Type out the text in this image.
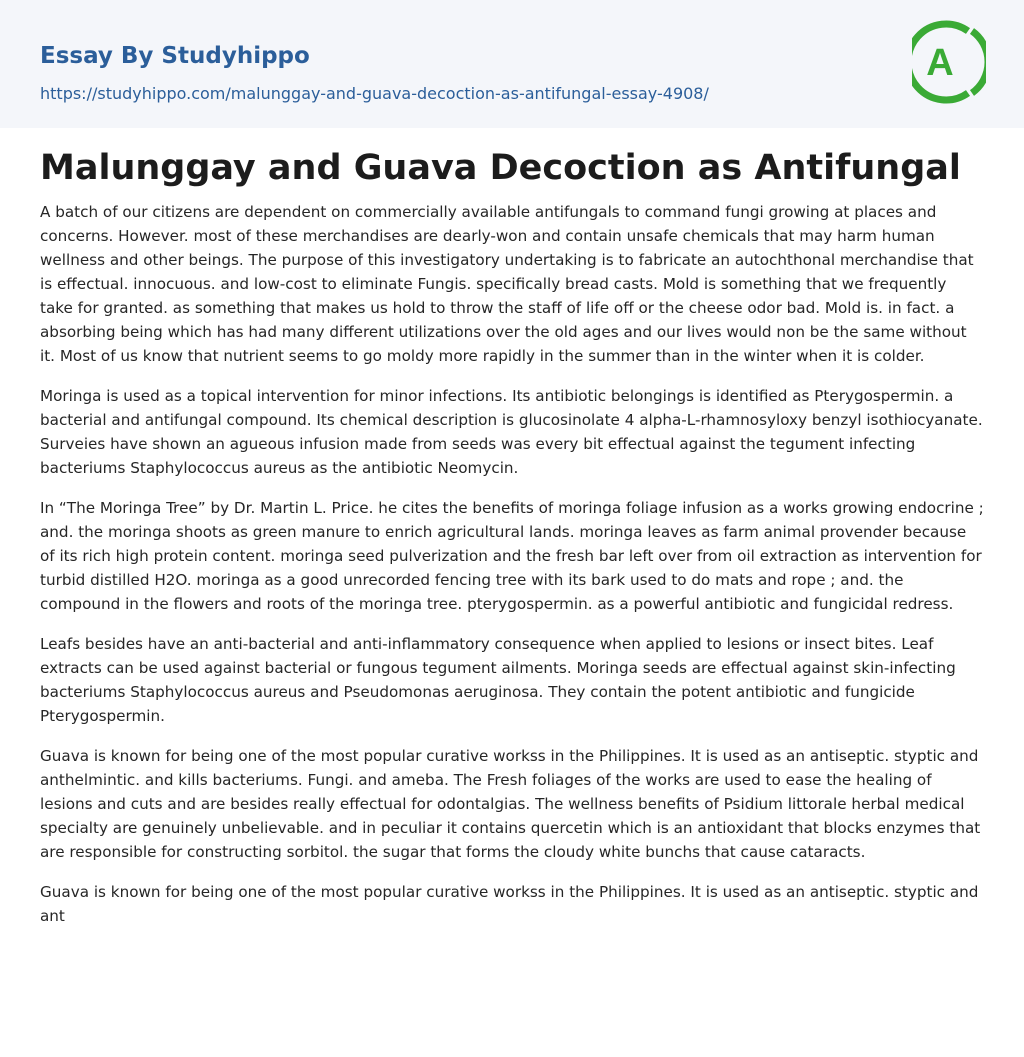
Essay By Studyhippo
https://studyhippo.com/malunggay-and-guava-decoction-as-antifungal-essay-4908/
A
Malunggay and Guava Decoction as Antifungal

A batch of our citizens are dependent on commercially available antifungals to command fungi growing at places and concerns. However. most of these merchandises are dearly-won and contain unsafe chemicals that may harm human wellness and other beings. The purpose of this investigatory undertaking is to fabricate an autochthonal merchandise that is effectual. innocuous. and low-cost to eliminate Fungis. specifically bread casts. Mold is something that we frequently take for granted. as something that makes us hold to throw the staff of life off or the cheese odor bad. Mold is. in fact. a absorbing being which has had many different utilizations over the old ages and our lives would non be the same without it. Most of us know that nutrient seems to go moldy more rapidly in the summer than in the winter when it is colder.

Moringa is used as a topical intervention for minor infections. Its antibiotic belongings is identified as Pterygospermin. a bacterial and antifungal compound. Its chemical description is glucosinolate 4 alpha-L-rhamnosyloxy benzyl isothiocyanate. Surveies have shown an agueous infusion made from seeds was every bit effectual against the tegument infecting bacteriums Staphylococcus aureus as the antibiotic Neomycin.

In “The Moringa Tree” by Dr. Martin L. Price. he cites the benefits of moringa foliage infusion as a works growing endocrine ; and. the moringa shoots as green manure to enrich agricultural lands. moringa leaves as farm animal provender because of its rich high protein content. moringa seed pulverization and the fresh bar left over from oil extraction as intervention for turbid distilled H2O. moringa as a good unrecorded fencing tree with its bark used to do mats and rope ; and. the compound in the flowers and roots of the moringa tree. pterygospermin. as a powerful antibiotic and fungicidal redress.

Leafs besides have an anti-bacterial and anti-inflammatory consequence when applied to lesions or insect bites. Leaf extracts can be used against bacterial or fungous tegument ailments. Moringa seeds are effectual against skin-infecting bacteriums Staphylococcus aureus and Pseudomonas aeruginosa. They contain the potent antibiotic and fungicide Pterygospermin.

Guava is known for being one of the most popular curative workss in the Philippines. It is used as an antiseptic. styptic and anthelmintic. and kills bacteriums. Fungi. and ameba. The Fresh foliages of the works are used to ease the healing of lesions and cuts and are besides really effectual for odontalgias. The wellness benefits of Psidium littorale herbal medical specialty are genuinely unbelievable. and in peculiar it contains quercetin which is an antioxidant that blocks enzymes that are responsible for constructing sorbitol. the sugar that forms the cloudy white bunchs that cause cataracts.

Guava is known for being one of the most popular curative workss in the Philippines. It is used as an antiseptic. styptic and ant
